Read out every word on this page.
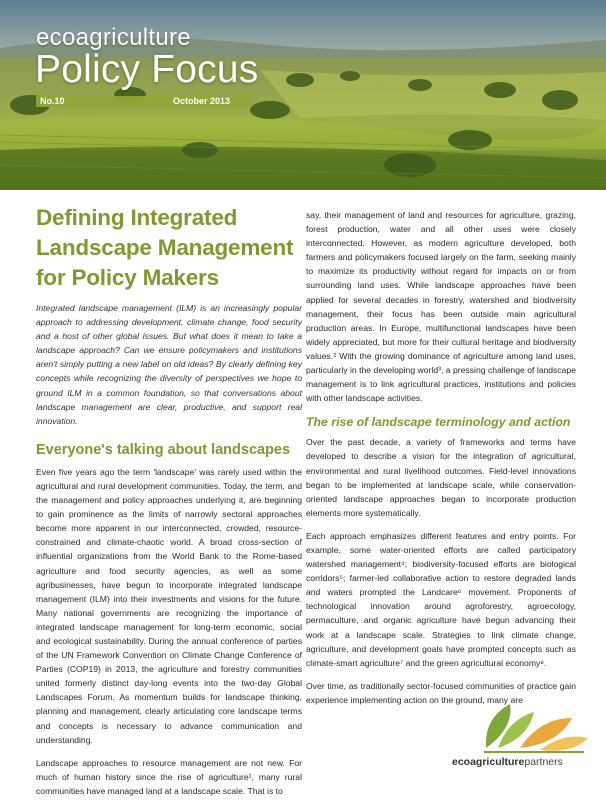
ecoagriculture
Policy Focus
No.10	October 2013
Defining Integrated Landscape Management for Policy Makers

Integrated landscape management (ILM) is an increasingly popular approach to addressing development, climate change, food security and a host of other global issues. But what does it mean to take a landscape approach? Can we ensure policymakers and institutions aren't simply putting a new label on old ideas? By clearly defining key concepts while recognizing the diversity of perspectives we hope to ground ILM in a common foundation, so that conversations about landscape management are clear, productive, and support real innovation.

Everyone's talking about landscapes

Even five years ago the term 'landscape' was rarely used within the agricultural and rural development communities. Today, the term, and the management and policy approaches underlying it, are beginning to gain prominence as the limits of narrowly sectoral approaches become more apparent in our interconnected, crowded, resource-constrained and climate-chaotic world. A broad cross-section of influential organizations from the World Bank to the Rome-based agriculture and food security agencies, as well as some agribusinesses, have begun to incorporate integrated landscape management (ILM) into their investments and visions for the future. Many national governments are recognizing the importance of integrated landscape management for long-term economic, social and ecological sustainability. During the annual conference of parties of the UN Framework Convention on Climate Change Conference of Parties (COP19) in 2013, the agriculture and forestry communities united formerly distinct day-long events into the two-day Global Landscapes Forum. As momentum builds for landscape thinking, planning and management, clearly articulating core landscape terms and concepts is necessary to advance communication and understanding.

Landscape approaches to resource management are not new. For much of human history since the rise of agriculture¹, many rural communities have managed land at a landscape scale. That is to

say, their management of land and resources for agriculture, grazing, forest production, water and all other uses were closely interconnected. However, as modern agriculture developed, both farmers and policymakers focused largely on the farm, seeking mainly to maximize its productivity without regard for impacts on or from surrounding land uses. While landscape approaches have been applied for several decades in forestry, watershed and biodiversity management, their focus has been outside main agricultural production areas. In Europe, multifunctional landscapes have been widely appreciated, but more for their cultural heritage and biodiversity values.² With the growing dominance of agriculture among land uses, particularly in the developing world³, a pressing challenge of landscape management is to link agricultural practices, institutions and policies with other landscape activities.

The rise of landscape terminology and action

Over the past decade, a variety of frameworks and terms have developed to describe a vision for the integration of agricultural, environmental and rural livelihood outcomes. Field-level innovations began to be implemented at landscape scale, while conservation-oriented landscape approaches began to incorporate production elements more systematically.

Each approach emphasizes different features and entry points. For example, some water-oriented efforts are called participatory watershed management⁴; biodiversity-focused efforts are biological corridors⁵; farmer-led collaborative action to restore degraded lands and waters prompted the Landcare⁶ movement. Proponents of technological innovation around agroforestry, agroecology, permaculture, and organic agriculture have begun advancing their work at a landscape scale. Strategies to link climate change, agriculture, and development goals have prompted concepts such as climate-smart agriculture⁷ and the green agricultural economy⁸.

Over time, as traditionally sector-focused communities of practice gain experience implementing action on the ground, many are

ecoagriculturepartners
